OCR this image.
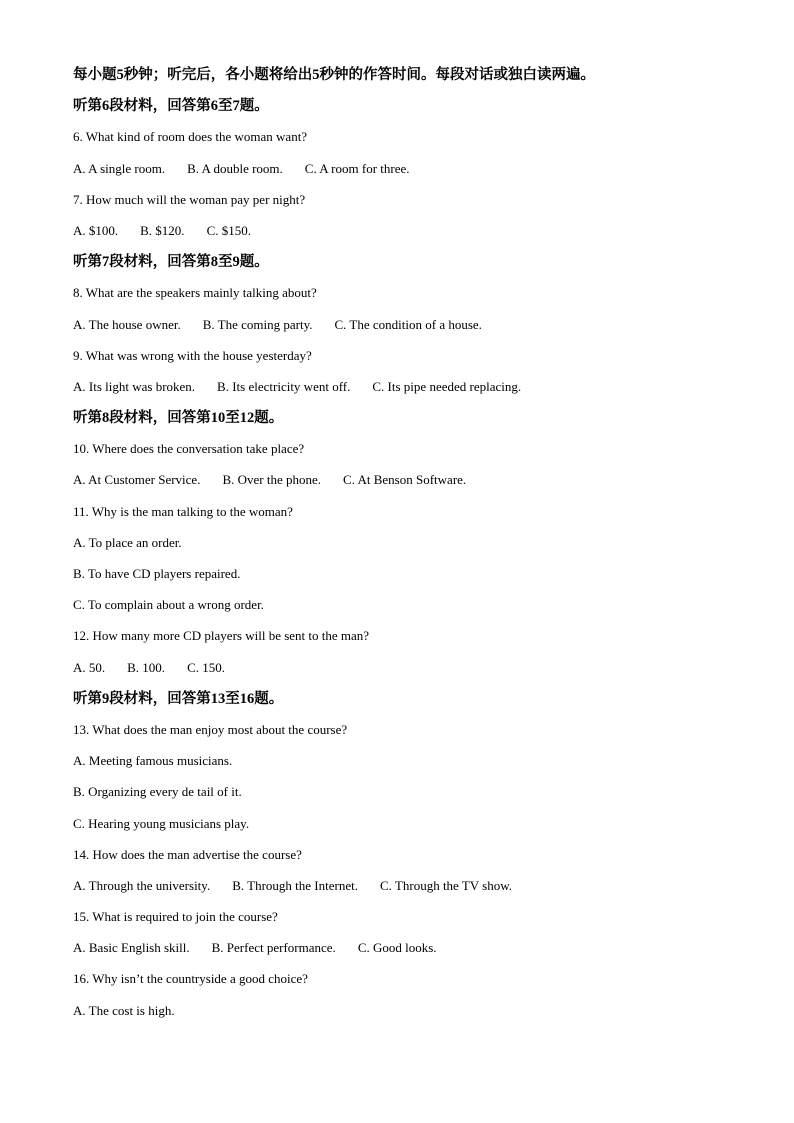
每小题5秒钟；听完后，各小题将给出5秒钟的作答时间。每段对话或独白读两遍。
听第6段材料，回答第6至7题。
6. What kind of room does the woman want?
A. A single room. B. A double room. C. A room for three.
7. How much will the woman pay per night?
A. $100. B. $120. C. $150.
听第7段材料，回答第8至9题。
8. What are the speakers mainly talking about?
A. The house owner. B. The coming party. C. The condition of a house.
9. What was wrong with the house yesterday?
A. Its light was broken. B. Its electricity went off. C. Its pipe needed replacing.
听第8段材料，回答第10至12题。
10. Where does the conversation take place?
A. At Customer Service. B. Over the phone. C. At Benson Software.
11. Why is the man talking to the woman?
A. To place an order.
B. To have CD players repaired.
C. To complain about a wrong order.
12. How many more CD players will be sent to the man?
A. 50. B. 100. C. 150.
听第9段材料，回答第13至16题。
13. What does the man enjoy most about the course?
A. Meeting famous musicians.
B. Organizing every de tail of it.
C. Hearing young musicians play.
14. How does the man advertise the course?
A. Through the university. B. Through the Internet. C. Through the TV show.
15. What is required to join the course?
A. Basic English skill. B. Perfect performance. C. Good looks.
16. Why isn’t the countryside a good choice?
A. The cost is high.
